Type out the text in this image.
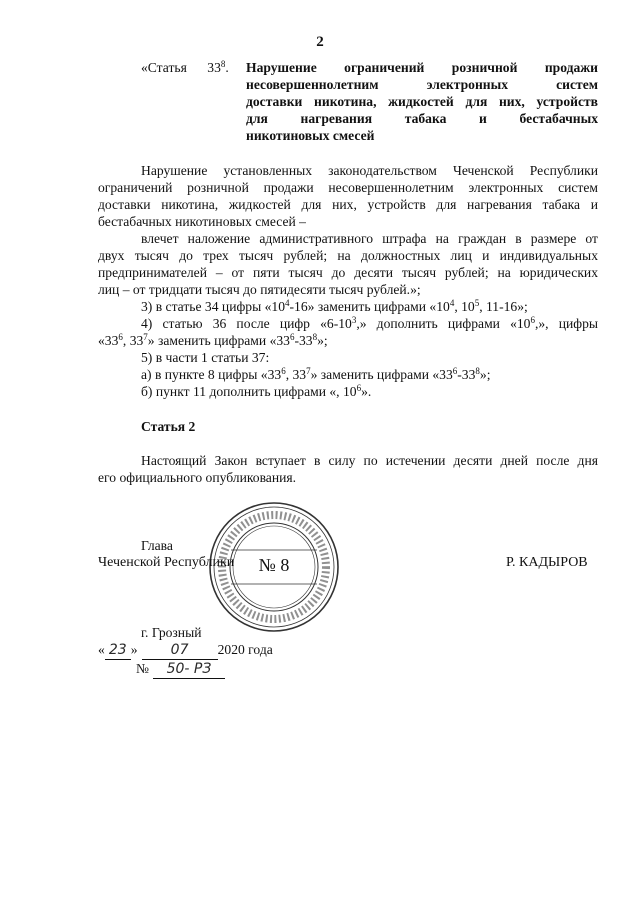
2
«Статья $33^8$. Нарушение ограничений розничной продажи
несовершеннолетним электронных систем
доставки никотина, жидкостей для них, устройств
для нагревания табака и бестабачных
никотиновых смесей
Нарушение установленных законодательством Чеченской Республики
ограничений розничной продажи несовершеннолетним электронных систем
доставки никотина, жидкостей для них, устройств для нагревания табака и
бестабачных никотиновых смесей –
влечет наложение административного штрафа на граждан в размере от
двух тысяч до трех тысяч рублей; на должностных лиц и индивидуальных
предпринимателей – от пяти тысяч до десяти тысяч рублей; на юридических
лиц – от тридцати тысяч до пятидесяти тысяч рублей.»;
3) в статье 34 цифры «$10^4-16$» заменить цифрами «$10^4$, $10^5$, 11-16»;
4) статью 36 после цифр «$6-10^3$,» дополнить цифрами «$10^6$,», цифры
«$33^6$, $33^7$» заменить цифрами «$33^6-33^8$»;
5) в части 1 статьи 37:
а) в пункте 8 цифры «$33^6$, $33^7$» заменить цифрами «$33^6-33^8$»;
б) пункт 11 дополнить цифрами «, $10^6$».
Статья 2
Настоящий Закон вступает в силу по истечении десяти дней после дня
его официального опубликования.
№ 8
Глава
Чеченской Республики	Р. КАДЫРОВ
г. Грозный
« 23 » 07 2020 года
№ 50- РЗ
